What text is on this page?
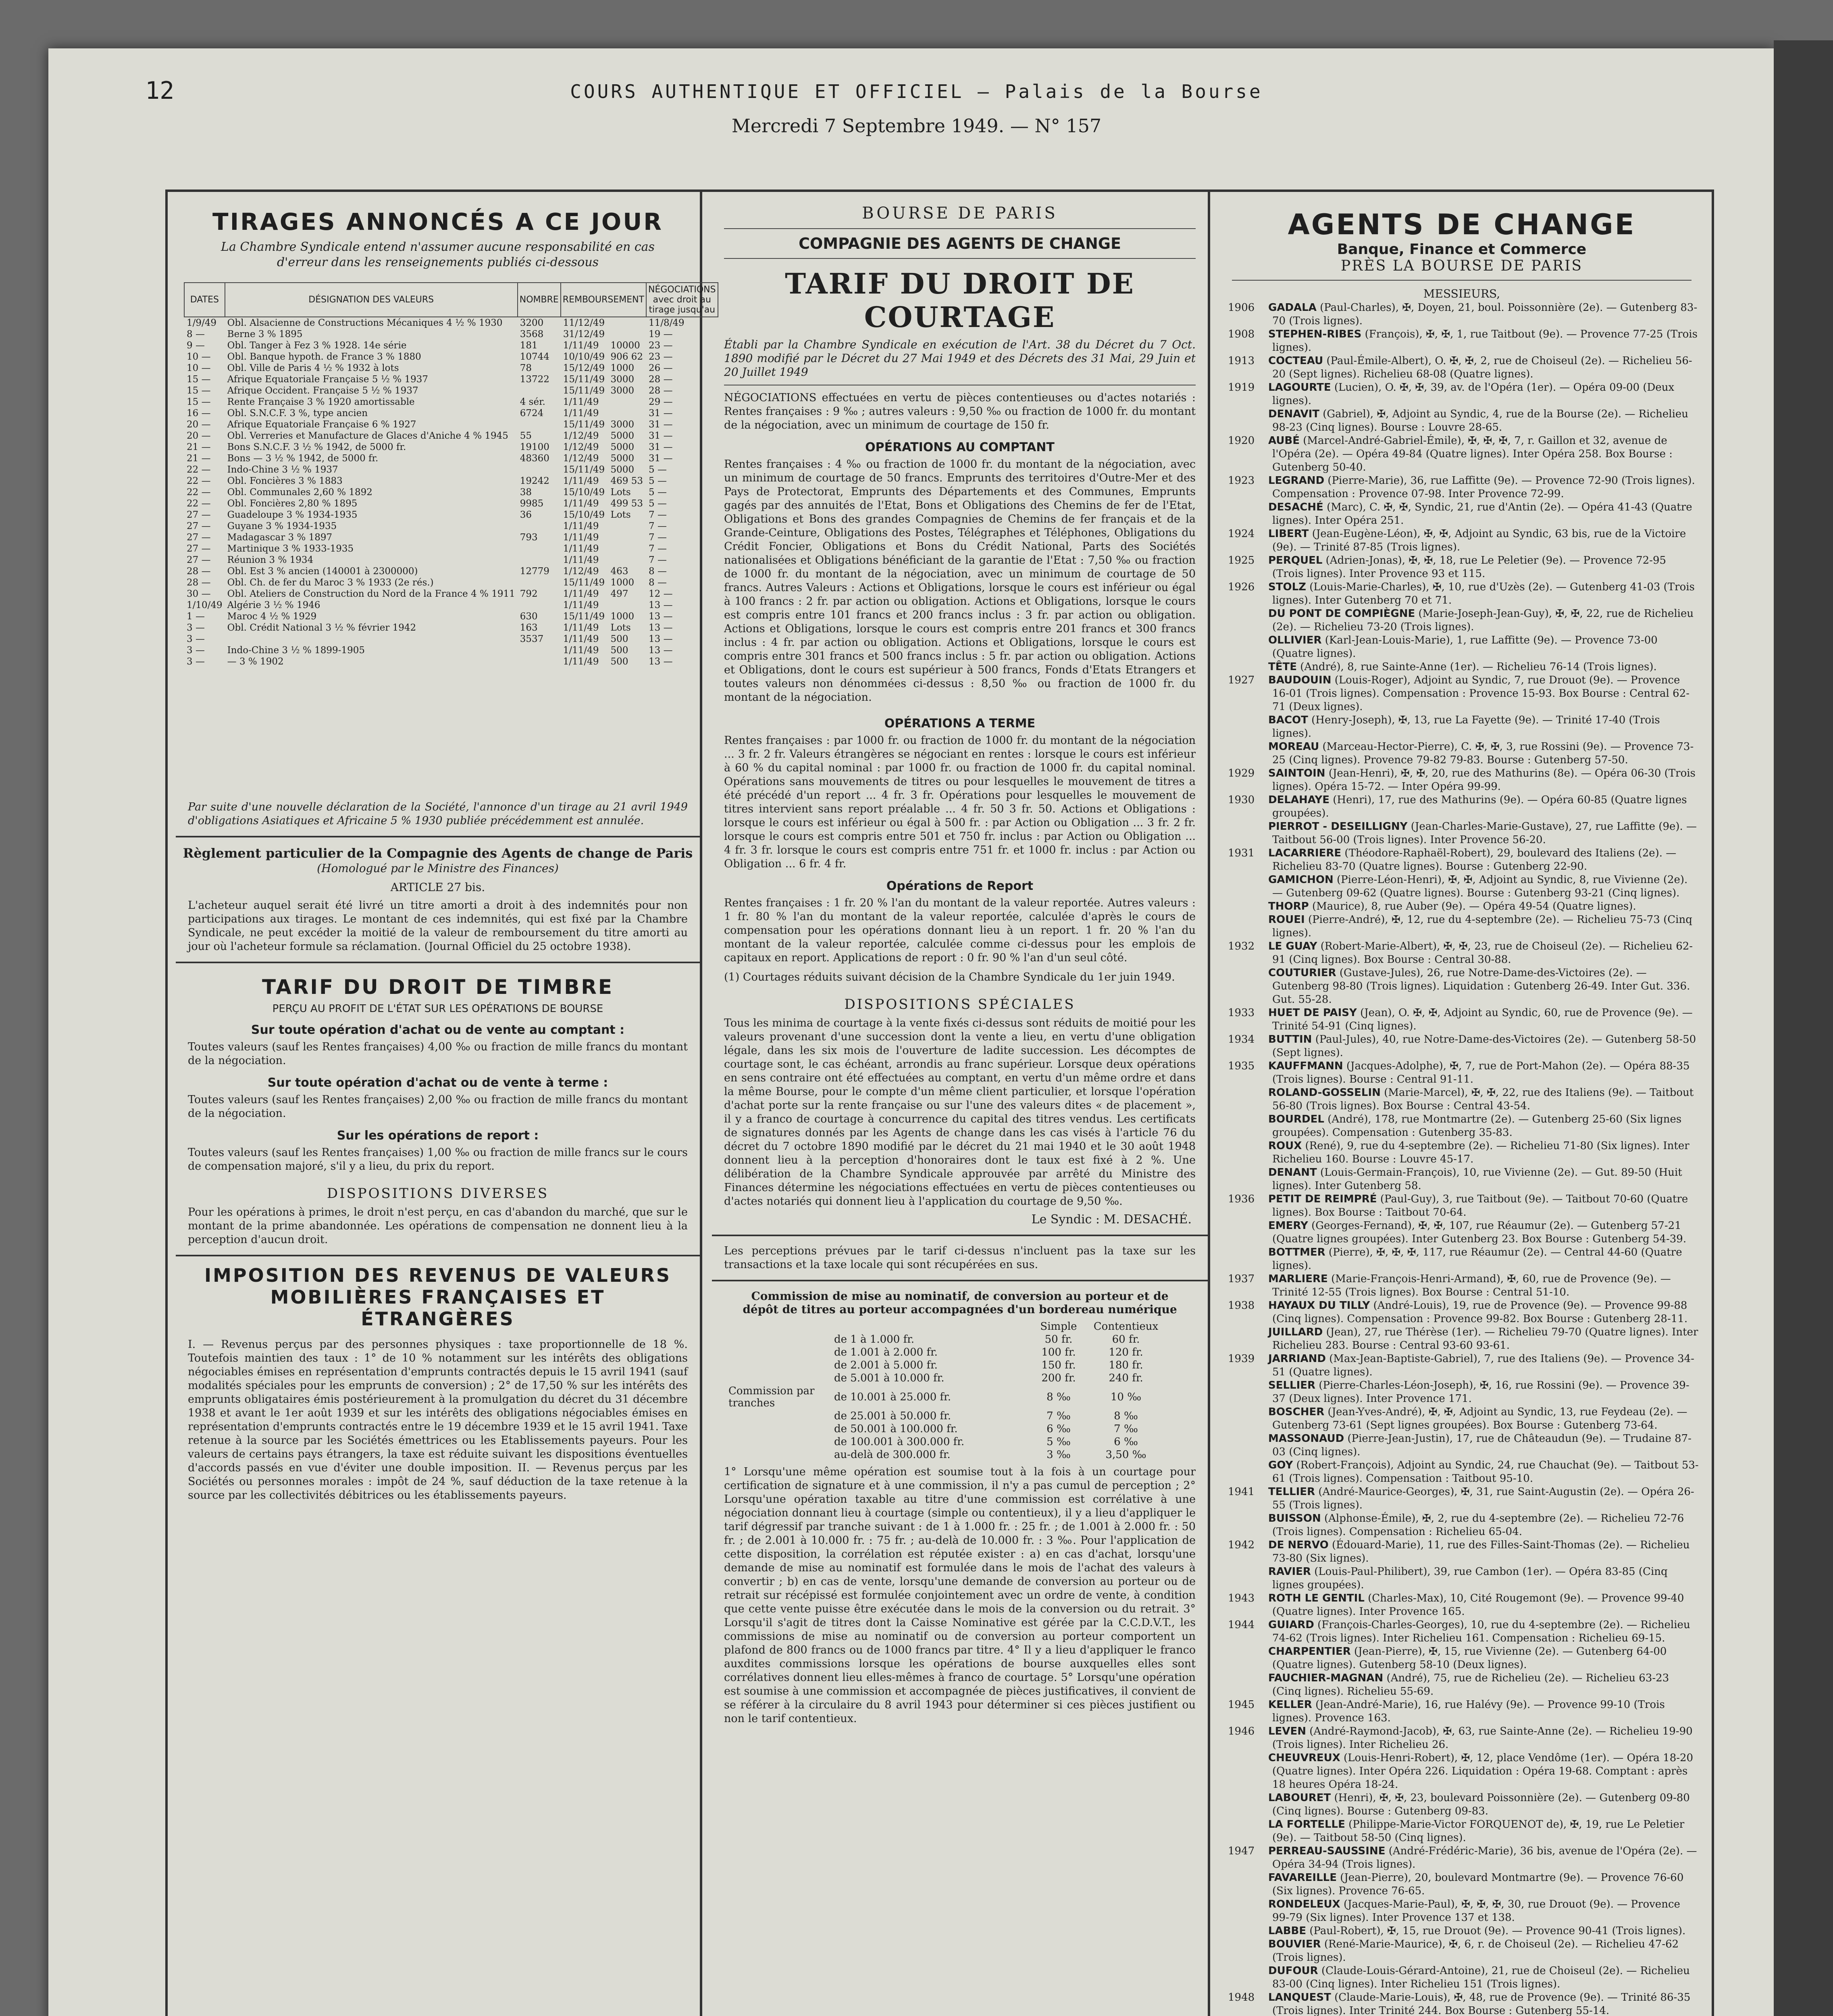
12	COURS AUTHENTIQUE ET OFFICIEL — Palais de la Bourse
Mercredi 7 Septembre 1949. — N° 157
TIRAGES ANNONCÉS A CE JOUR
La Chambre Syndicale entend n'assumer aucune responsabilité en cas d'erreur dans les renseignements publiés ci-dessous
DATES	DÉSIGNATION DES VALEURS	NOMBRE	REMBOURSEMENT		NÉGOCIATIONS avec droit au tirage jusqu'au
1/9/49	Obl. Alsacienne de Constructions Mécaniques 4 ½ % 1930	3200	11/12/49		11/8/49
8 —	Berne 3 % 1895	3568	31/12/49		19 —
9 —	Obl. Tanger à Fez 3 % 1928. 14e série	181	1/11/49	10000	23 —
10 —	Obl. Banque hypoth. de France 3 % 1880	10744	10/10/49	906 62	23 —
10 —	Obl. Ville de Paris 4 ½ % 1932 à lots	78	15/12/49	1000	26 —
15 —	Afrique Equatoriale Française 5 ½ % 1937	13722	15/11/49	3000	28 —
15 —	Afrique Occident. Française 5 ½ % 1937		15/11/49	3000	28 —
15 —	Rente Française 3 % 1920 amortissable	4 sér.	1/11/49		29 —
16 —	Obl. S.N.C.F. 3 %, type ancien	6724	1/11/49		31 —
20 —	Afrique Equatoriale Française 6 % 1927		15/11/49	3000	31 —
20 —	Obl. Verreries et Manufacture de Glaces d'Aniche 4 % 1945	55	1/12/49	5000	31 —
21 —	Bons S.N.C.F. 3 ½ % 1942, de 5000 fr.	19100	1/12/49	5000	31 —
21 —	Bons — 3 ½ % 1942, de 5000 fr.	48360	1/12/49	5000	31 —
22 —	Indo-Chine 3 ½ % 1937		15/11/49	5000	5 —
22 —	Obl. Foncières 3 % 1883	19242	1/11/49	469 53	5 —
22 —	Obl. Communales 2,60 % 1892	38	15/10/49	Lots	5 —
22 —	Obl. Foncières 2,80 % 1895	9985	1/11/49	499 53	5 —
27 —	Guadeloupe 3 % 1934-1935	36	15/10/49	Lots	7 —
27 —	Guyane 3 % 1934-1935		1/11/49		7 —
27 —	Madagascar 3 % 1897	793	1/11/49		7 —
27 —	Martinique 3 % 1933-1935		1/11/49		7 —
27 —	Réunion 3 % 1934		1/11/49		7 —
28 —	Obl. Est 3 % ancien (140001 à 2300000)	12779	1/12/49	463	8 —
28 —	Obl. Ch. de fer du Maroc 3 % 1933 (2e rés.)		15/11/49	1000	8 —
30 —	Obl. Ateliers de Construction du Nord de la France 4 % 1911	792	1/11/49	497	12 —
1/10/49	Algérie 3 ½ % 1946		1/11/49		13 —
1 —	Maroc 4 ½ % 1929	630	15/11/49	1000	13 —
3 —	Obl. Crédit National 3 ½ % février 1942	163	1/11/49	Lots	13 —
3 —		3537	1/11/49	500	13 —
3 —	Indo-Chine 3 ½ % 1899-1905		1/11/49	500	13 —
3 —	— 3 % 1902		1/11/49	500	13 —
Par suite d'une nouvelle déclaration de la Société, l'annonce d'un tirage au 21 avril 1949 d'obligations Asiatiques et Africaine 5 % 1930 publiée précédemment est annulée.
Règlement particulier de la Compagnie des Agents de change de Paris
(Homologué par le Ministre des Finances)
ARTICLE 27 bis.
L'acheteur auquel serait été livré un titre amorti a droit à des indemnités pour non participations aux tirages. Le montant de ces indemnités, qui est fixé par la Chambre Syndicale, ne peut excéder la moitié de la valeur de remboursement du titre amorti au jour où l'acheteur formule sa réclamation. (Journal Officiel du 25 octobre 1938).
TARIF DU DROIT DE TIMBRE
PERÇU AU PROFIT DE L'ÉTAT SUR LES OPÉRATIONS DE BOURSE
Sur toute opération d'achat ou de vente au comptant :
Toutes valeurs (sauf les Rentes françaises) 4,00 ‰ ou fraction de mille francs du montant de la négociation.
Sur toute opération d'achat ou de vente à terme :
Toutes valeurs (sauf les Rentes françaises) 2,00 ‰ ou fraction de mille francs du montant de la négociation.
Sur les opérations de report :
Toutes valeurs (sauf les Rentes françaises) 1,00 ‰ ou fraction de mille francs sur le cours de compensation majoré, s'il y a lieu, du prix du report.
DISPOSITIONS DIVERSES
Pour les opérations à primes, le droit n'est perçu, en cas d'abandon du marché, que sur le montant de la prime abandonnée. Les opérations de compensation ne donnent lieu à la perception d'aucun droit.
IMPOSITION DES REVENUS DE VALEURS MOBILIÈRES FRANÇAISES ET ÉTRANGÈRES
I. — Revenus perçus par des personnes physiques : taxe proportionnelle de 18 %. Toutefois maintien des taux : 1° de 10 % notamment sur les intérêts des obligations négociables émises en représentation d'emprunts contractés depuis le 15 avril 1941 (sauf modalités spéciales pour les emprunts de conversion) ; 2° de 17,50 % sur les intérêts des emprunts obligataires émis postérieurement à la promulgation du décret du 31 décembre 1938 et avant le 1er août 1939 et sur les intérêts des obligations négociables émises en représentation d'emprunts contractés entre le 19 décembre 1939 et le 15 avril 1941. Taxe retenue à la source par les Sociétés émettrices ou les Etablissements payeurs. Pour les valeurs de certains pays étrangers, la taxe est réduite suivant les dispositions éventuelles d'accords passés en vue d'éviter une double imposition. II. — Revenus perçus par les Sociétés ou personnes morales : impôt de 24 %, sauf déduction de la taxe retenue à la source par les collectivités débitrices ou les établissements payeurs.
BOURSE DE PARIS
COMPAGNIE DES AGENTS DE CHANGE
TARIF DU DROIT DE COURTAGE
Établi par la Chambre Syndicale en exécution de l'Art. 38 du Décret du 7 Oct. 1890 modifié par le Décret du 27 Mai 1949 et des Décrets des 31 Mai, 29 Juin et 20 Juillet 1949
NÉGOCIATIONS effectuées en vertu de pièces contentieuses ou d'actes notariés : Rentes françaises : 9 ‰ ; autres valeurs : 9,50 ‰ ou fraction de 1000 fr. du montant de la négociation, avec un minimum de courtage de 150 fr.
OPÉRATIONS AU COMPTANT
Rentes françaises : 4 ‰ ou fraction de 1000 fr. du montant de la négociation, avec un minimum de courtage de 50 francs. Emprunts des territoires d'Outre-Mer et des Pays de Protectorat, Emprunts des Départements et des Communes, Emprunts gagés par des annuités de l'Etat, Bons et Obligations des Chemins de fer de l'Etat, Obligations et Bons des grandes Compagnies de Chemins de fer français et de la Grande-Ceinture, Obligations des Postes, Télégraphes et Téléphones, Obligations du Crédit Foncier, Obligations et Bons du Crédit National, Parts des Sociétés nationalisées et Obligations bénéficiant de la garantie de l'Etat : 7,50 ‰ ou fraction de 1000 fr. du montant de la négociation, avec un minimum de courtage de 50 francs. Autres Valeurs : Actions et Obligations, lorsque le cours est inférieur ou égal à 100 francs : 2 fr. par action ou obligation. Actions et Obligations, lorsque le cours est compris entre 101 francs et 200 francs inclus : 3 fr. par action ou obligation. Actions et Obligations, lorsque le cours est compris entre 201 francs et 300 francs inclus : 4 fr. par action ou obligation. Actions et Obligations, lorsque le cours est compris entre 301 francs et 500 francs inclus : 5 fr. par action ou obligation. Actions et Obligations, dont le cours est supérieur à 500 francs, Fonds d'Etats Etrangers et toutes valeurs non dénommées ci-dessus : 8,50 ‰ ou fraction de 1000 fr. du montant de la négociation.
OPÉRATIONS A TERME
Rentes françaises : par 1000 fr. ou fraction de 1000 fr. du montant de la négociation ... 3 fr. 2 fr. Valeurs étrangères se négociant en rentes : lorsque le cours est inférieur à 60 % du capital nominal : par 1000 fr. ou fraction de 1000 fr. du capital nominal. Opérations sans mouvements de titres ou pour lesquelles le mouvement de titres a été précédé d'un report ... 4 fr. 3 fr. Opérations pour lesquelles le mouvement de titres intervient sans report préalable ... 4 fr. 50 3 fr. 50. Actions et Obligations : lorsque le cours est inférieur ou égal à 500 fr. : par Action ou Obligation ... 3 fr. 2 fr. lorsque le cours est compris entre 501 et 750 fr. inclus : par Action ou Obligation ... 4 fr. 3 fr. lorsque le cours est compris entre 751 fr. et 1000 fr. inclus : par Action ou Obligation ... 6 fr. 4 fr.
Opérations de Report
Rentes françaises : 1 fr. 20 % l'an du montant de la valeur reportée. Autres valeurs : 1 fr. 80 % l'an du montant de la valeur reportée, calculée d'après le cours de compensation pour les opérations donnant lieu à un report. 1 fr. 20 % l'an du montant de la valeur reportée, calculée comme ci-dessus pour les emplois de capitaux en report. Applications de report : 0 fr. 90 % l'an d'un seul côté.
(1) Courtages réduits suivant décision de la Chambre Syndicale du 1er juin 1949.
DISPOSITIONS SPÉCIALES
Tous les minima de courtage à la vente fixés ci-dessus sont réduits de moitié pour les valeurs provenant d'une succession dont la vente a lieu, en vertu d'une obligation légale, dans les six mois de l'ouverture de ladite succession. Les décomptes de courtage sont, le cas échéant, arrondis au franc supérieur. Lorsque deux opérations en sens contraire ont été effectuées au comptant, en vertu d'un même ordre et dans la même Bourse, pour le compte d'un même client particulier, et lorsque l'opération d'achat porte sur la rente française ou sur l'une des valeurs dites « de placement », il y a franco de courtage à concurrence du capital des titres vendus. Les certificats de signatures donnés par les Agents de change dans les cas visés à l'article 76 du décret du 7 octobre 1890 modifié par le décret du 21 mai 1940 et le 30 août 1948 donnent lieu à la perception d'honoraires dont le taux est fixé à 2 %. Une délibération de la Chambre Syndicale approuvée par arrêté du Ministre des Finances détermine les négociations effectuées en vertu de pièces contentieuses ou d'actes notariés qui donnent lieu à l'application du courtage de 9,50 ‰.
Le Syndic : M. DESACHÉ.
Les perceptions prévues par le tarif ci-dessus n'incluent pas la taxe sur les transactions et la taxe locale qui sont récupérées en sus.
Commission de mise au nominatif, de conversion au porteur et de dépôt de titres au porteur accompagnées d'un bordereau numérique
		Simple	Contentieux
	de 1 à 1.000 fr.	50 fr.	60 fr.
	de 1.001 à 2.000 fr.	100 fr.	120 fr.
	de 2.001 à 5.000 fr.	150 fr.	180 fr.
	de 5.001 à 10.000 fr.	200 fr.	240 fr.
Commission par tranches	de 10.001 à 25.000 fr.	8 ‰	10 ‰
	de 25.001 à 50.000 fr.	7 ‰	8 ‰
	de 50.001 à 100.000 fr.	6 ‰	7 ‰
	de 100.001 à 300.000 fr.	5 ‰	6 ‰
	au-delà de 300.000 fr.	3 ‰	3,50 ‰
1° Lorsqu'une même opération est soumise tout à la fois à un courtage pour certification de signature et à une commission, il n'y a pas cumul de perception ; 2° Lorsqu'une opération taxable au titre d'une commission est corrélative à une négociation donnant lieu à courtage (simple ou contentieux), il y a lieu d'appliquer le tarif dégressif par tranche suivant : de 1 à 1.000 fr. : 25 fr. ; de 1.001 à 2.000 fr. : 50 fr. ; de 2.001 à 10.000 fr. : 75 fr. ; au-delà de 10.000 fr. : 3 ‰. Pour l'application de cette disposition, la corrélation est réputée exister : a) en cas d'achat, lorsqu'une demande de mise au nominatif est formulée dans le mois de l'achat des valeurs à convertir ; b) en cas de vente, lorsqu'une demande de conversion au porteur ou de retrait sur récépissé est formulée conjointement avec un ordre de vente, à condition que cette vente puisse être exécutée dans le mois de la conversion ou du retrait. 3° Lorsqu'il s'agit de titres dont la Caisse Nominative est gérée par la C.C.D.V.T., les commissions de mise au nominatif ou de conversion au porteur comportent un plafond de 800 francs ou de 1000 francs par titre. 4° Il y a lieu d'appliquer le franco auxdites commissions lorsque les opérations de bourse auxquelles elles sont corrélatives donnent lieu elles-mêmes à franco de courtage. 5° Lorsqu'une opération est soumise à une commission et accompagnée de pièces justificatives, il convient de se référer à la circulaire du 8 avril 1943 pour déterminer si ces pièces justifient ou non le tarif contentieux.
AGENTS DE CHANGE
Banque, Finance et Commerce
PRÈS LA BOURSE DE PARIS
MESSIEURS,
1906 GADALA (Paul-Charles), ✠, Doyen, 21, boul. Poissonnière (2e). — Gutenberg 83-70 (Trois lignes).
1908 STEPHEN-RIBES (François), ✠, ✠, 1, rue Taitbout (9e). — Provence 77-25 (Trois lignes).
1913 COCTEAU (Paul-Émile-Albert), O. ✠, ✠, 2, rue de Choiseul (2e). — Richelieu 56-20 (Sept lignes). Richelieu 68-08 (Quatre lignes).
1919 LAGOURTE (Lucien), O. ✠, ✠, 39, av. de l'Opéra (1er). — Opéra 09-00 (Deux lignes).
DENAVIT (Gabriel), ✠, Adjoint au Syndic, 4, rue de la Bourse (2e). — Richelieu 98-23 (Cinq lignes). Bourse : Louvre 28-65.
1920 AUBÉ (Marcel-André-Gabriel-Émile), ✠, ✠, ✠, 7, r. Gaillon et 32, avenue de l'Opéra (2e). — Opéra 49-84 (Quatre lignes). Inter Opéra 258. Box Bourse : Gutenberg 50-40.
1923 LEGRAND (Pierre-Marie), 36, rue Laffitte (9e). — Provence 72-90 (Trois lignes). Compensation : Provence 07-98. Inter Provence 72-99.
DESACHÉ (Marc), C. ✠, ✠, Syndic, 21, rue d'Antin (2e). — Opéra 41-43 (Quatre lignes). Inter Opéra 251.
1924 LIBERT (Jean-Eugène-Léon), ✠, ✠, Adjoint au Syndic, 63 bis, rue de la Victoire (9e). — Trinité 87-85 (Trois lignes).
1925 PERQUEL (Adrien-Jonas), ✠, ✠, 18, rue Le Peletier (9e). — Provence 72-95 (Trois lignes). Inter Provence 93 et 115.
1926 STOLZ (Louis-Marie-Charles), ✠, 10, rue d'Uzès (2e). — Gutenberg 41-03 (Trois lignes). Inter Gutenberg 70 et 71.
DU PONT DE COMPIÈGNE (Marie-Joseph-Jean-Guy), ✠, ✠, 22, rue de Richelieu (2e). — Richelieu 73-20 (Trois lignes).
OLLIVIER (Karl-Jean-Louis-Marie), 1, rue Laffitte (9e). — Provence 73-00 (Quatre lignes).
TÊTE (André), 8, rue Sainte-Anne (1er). — Richelieu 76-14 (Trois lignes).
1927 BAUDOUIN (Louis-Roger), Adjoint au Syndic, 7, rue Drouot (9e). — Provence 16-01 (Trois lignes). Compensation : Provence 15-93. Box Bourse : Central 62-71 (Deux lignes).
BACOT (Henry-Joseph), ✠, 13, rue La Fayette (9e). — Trinité 17-40 (Trois lignes).
MOREAU (Marceau-Hector-Pierre), C. ✠, ✠, 3, rue Rossini (9e). — Provence 73-25 (Cinq lignes). Provence 79-82 79-83. Bourse : Gutenberg 57-50.
1929 SAINTOIN (Jean-Henri), ✠, ✠, 20, rue des Mathurins (8e). — Opéra 06-30 (Trois lignes). Opéra 15-72. — Inter Opéra 99-99.
1930 DELAHAYE (Henri), 17, rue des Mathurins (9e). — Opéra 60-85 (Quatre lignes groupées).
PIERROT - DESEILLIGNY (Jean-Charles-Marie-Gustave), 27, rue Laffitte (9e). — Taitbout 56-00 (Trois lignes). Inter Provence 56-20.
1931 LACARRIERE (Théodore-Raphaël-Robert), 29, boulevard des Italiens (2e). — Richelieu 83-70 (Quatre lignes). Bourse : Gutenberg 22-90.
GAMICHON (Pierre-Léon-Henri), ✠, ✠, Adjoint au Syndic, 8, rue Vivienne (2e). — Gutenberg 09-62 (Quatre lignes). Bourse : Gutenberg 93-21 (Cinq lignes).
THORP (Maurice), 8, rue Auber (9e). — Opéra 49-54 (Quatre lignes).
ROUEI (Pierre-André), ✠, 12, rue du 4-septembre (2e). — Richelieu 75-73 (Cinq lignes).
1932 LE GUAY (Robert-Marie-Albert), ✠, ✠, 23, rue de Choiseul (2e). — Richelieu 62-91 (Cinq lignes). Box Bourse : Central 30-88.
COUTURIER (Gustave-Jules), 26, rue Notre-Dame-des-Victoires (2e). — Gutenberg 98-80 (Trois lignes). Liquidation : Gutenberg 26-49. Inter Gut. 336. Gut. 55-28.
1933 HUET DE PAISY (Jean), O. ✠, ✠, Adjoint au Syndic, 60, rue de Provence (9e). — Trinité 54-91 (Cinq lignes).
1934 BUTTIN (Paul-Jules), 40, rue Notre-Dame-des-Victoires (2e). — Gutenberg 58-50 (Sept lignes).
1935 KAUFFMANN (Jacques-Adolphe), ✠, 7, rue de Port-Mahon (2e). — Opéra 88-35 (Trois lignes). Bourse : Central 91-11.
ROLAND-GOSSELIN (Marie-Marcel), ✠, ✠, 22, rue des Italiens (9e). — Taitbout 56-80 (Trois lignes). Box Bourse : Central 43-54.
BOURDEL (André), 178, rue Montmartre (2e). — Gutenberg 25-60 (Six lignes groupées). Compensation : Gutenberg 35-83.
ROUX (René), 9, rue du 4-septembre (2e). — Richelieu 71-80 (Six lignes). Inter Richelieu 160. Bourse : Louvre 45-17.
DENANT (Louis-Germain-François), 10, rue Vivienne (2e). — Gut. 89-50 (Huit lignes). Inter Gutenberg 58.
1936 PETIT DE REIMPRÉ (Paul-Guy), 3, rue Taitbout (9e). — Taitbout 70-60 (Quatre lignes). Box Bourse : Taitbout 70-64.
EMERY (Georges-Fernand), ✠, ✠, 107, rue Réaumur (2e). — Gutenberg 57-21 (Quatre lignes groupées). Inter Gutenberg 23. Box Bourse : Gutenberg 54-39.
BOTTMER (Pierre), ✠, ✠, ✠, 117, rue Réaumur (2e). — Central 44-60 (Quatre lignes).
1937 MARLIERE (Marie-François-Henri-Armand), ✠, 60, rue de Provence (9e). — Trinité 12-55 (Trois lignes). Box Bourse : Central 51-10.
1938 HAYAUX DU TILLY (André-Louis), 19, rue de Provence (9e). — Provence 99-88 (Cinq lignes). Compensation : Provence 99-82. Box Bourse : Gutenberg 28-11.
JUILLARD (Jean), 27, rue Thérèse (1er). — Richelieu 79-70 (Quatre lignes). Inter Richelieu 283. Bourse : Central 93-60 93-61.
1939 JARRIAND (Max-Jean-Baptiste-Gabriel), 7, rue des Italiens (9e). — Provence 34-51 (Quatre lignes).
SELLIER (Pierre-Charles-Léon-Joseph), ✠, 16, rue Rossini (9e). — Provence 39-37 (Deux lignes). Inter Provence 171.
BOSCHER (Jean-Yves-André), ✠, ✠, Adjoint au Syndic, 13, rue Feydeau (2e). — Gutenberg 73-61 (Sept lignes groupées). Box Bourse : Gutenberg 73-64.
MASSONAUD (Pierre-Jean-Justin), 17, rue de Châteaudun (9e). — Trudaine 87-03 (Cinq lignes).
GOY (Robert-François), Adjoint au Syndic, 24, rue Chauchat (9e). — Taitbout 53-61 (Trois lignes). Compensation : Taitbout 95-10.
1941 TELLIER (André-Maurice-Georges), ✠, 31, rue Saint-Augustin (2e). — Opéra 26-55 (Trois lignes).
BUISSON (Alphonse-Émile), ✠, 2, rue du 4-septembre (2e). — Richelieu 72-76 (Trois lignes). Compensation : Richelieu 65-04.
1942 DE NERVO (Édouard-Marie), 11, rue des Filles-Saint-Thomas (2e). — Richelieu 73-80 (Six lignes).
RAVIER (Louis-Paul-Philibert), 39, rue Cambon (1er). — Opéra 83-85 (Cinq lignes groupées).
1943 ROTH LE GENTIL (Charles-Max), 10, Cité Rougemont (9e). — Provence 99-40 (Quatre lignes). Inter Provence 165.
1944 GUIARD (François-Charles-Georges), 10, rue du 4-septembre (2e). — Richelieu 74-62 (Trois lignes). Inter Richelieu 161. Compensation : Richelieu 69-15.
CHARPENTIER (Jean-Pierre), ✠, 15, rue Vivienne (2e). — Gutenberg 64-00 (Quatre lignes). Gutenberg 58-10 (Deux lignes).
FAUCHIER-MAGNAN (André), 75, rue de Richelieu (2e). — Richelieu 63-23 (Cinq lignes). Richelieu 55-69.
1945 KELLER (Jean-André-Marie), 16, rue Halévy (9e). — Provence 99-10 (Trois lignes). Provence 163.
1946 LEVEN (André-Raymond-Jacob), ✠, 63, rue Sainte-Anne (2e). — Richelieu 19-90 (Trois lignes). Inter Richelieu 26.
CHEUVREUX (Louis-Henri-Robert), ✠, 12, place Vendôme (1er). — Opéra 18-20 (Quatre lignes). Inter Opéra 226. Liquidation : Opéra 19-68. Comptant : après 18 heures Opéra 18-24.
LABOURET (Henri), ✠, ✠, 23, boulevard Poissonnière (2e). — Gutenberg 09-80 (Cinq lignes). Bourse : Gutenberg 09-83.
LA FORTELLE (Philippe-Marie-Victor FORQUENOT de), ✠, 19, rue Le Peletier (9e). — Taitbout 58-50 (Cinq lignes).
1947 PERREAU-SAUSSINE (André-Frédéric-Marie), 36 bis, avenue de l'Opéra (2e). — Opéra 34-94 (Trois lignes).
FAVAREILLE (Jean-Pierre), 20, boulevard Montmartre (9e). — Provence 76-60 (Six lignes). Provence 76-65.
RONDELEUX (Jacques-Marie-Paul), ✠, ✠, ✠, 30, rue Drouot (9e). — Provence 99-79 (Six lignes). Inter Provence 137 et 138.
LABBE (Paul-Robert), ✠, 15, rue Drouot (9e). — Provence 90-41 (Trois lignes).
BOUVIER (René-Marie-Maurice), ✠, 6, r. de Choiseul (2e). — Richelieu 47-62 (Trois lignes).
DUFOUR (Claude-Louis-Gérard-Antoine), 21, rue de Choiseul (2e). — Richelieu 83-00 (Cinq lignes). Inter Richelieu 151 (Trois lignes).
1948 LANQUEST (Claude-Marie-Louis), ✠, 48, rue de Provence (9e). — Trinité 86-35 (Trois lignes). Inter Trinité 244. Box Bourse : Gutenberg 55-14.
